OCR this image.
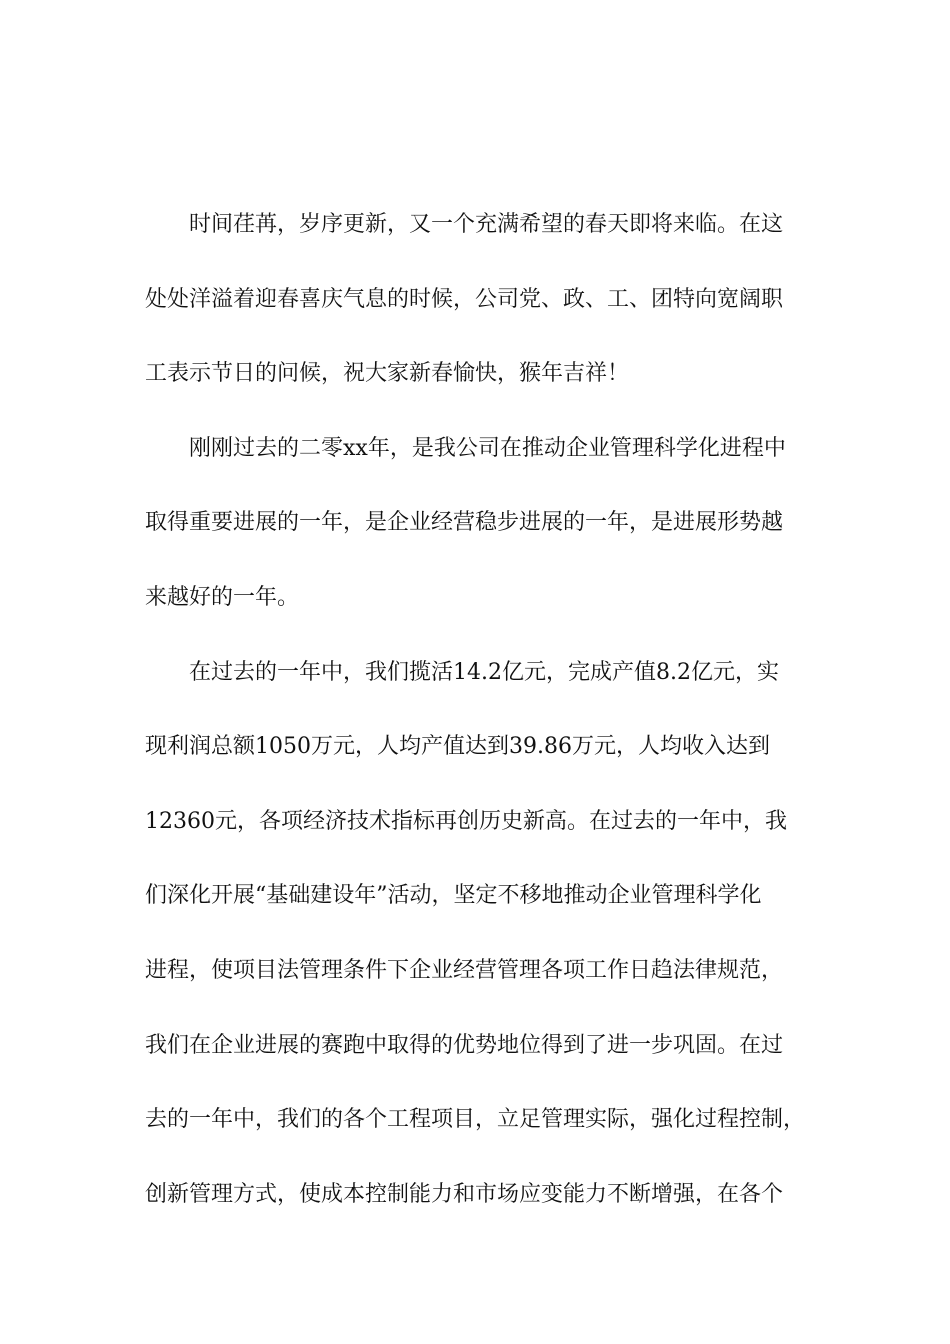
时间荏苒，岁序更新，又一个充满希望的春天即将来临。在这
处处洋溢着迎春喜庆气息的时候，公司党、政、工、团特向宽阔职
工表示节日的问候，祝大家新春愉快，猴年吉祥！
刚刚过去的二零xx年，是我公司在推动企业管理科学化进程中
取得重要进展的一年，是企业经营稳步进展的一年，是进展形势越
来越好的一年。
在过去的一年中，我们揽活14.2亿元，完成产值8.2亿元，实
现利润总额1050万元，人均产值达到39.86万元，人均收入达到
12360元，各项经济技术指标再创历史新高。在过去的一年中，我
们深化开展“基础建设年”活动，坚定不移地推动企业管理科学化
进程，使项目法管理条件下企业经营管理各项工作日趋法律规范，
我们在企业进展的赛跑中取得的优势地位得到了进一步巩固。在过
去的一年中，我们的各个工程项目，立足管理实际，强化过程控制，
创新管理方式，使成本控制能力和市场应变能力不断增强，在各个
